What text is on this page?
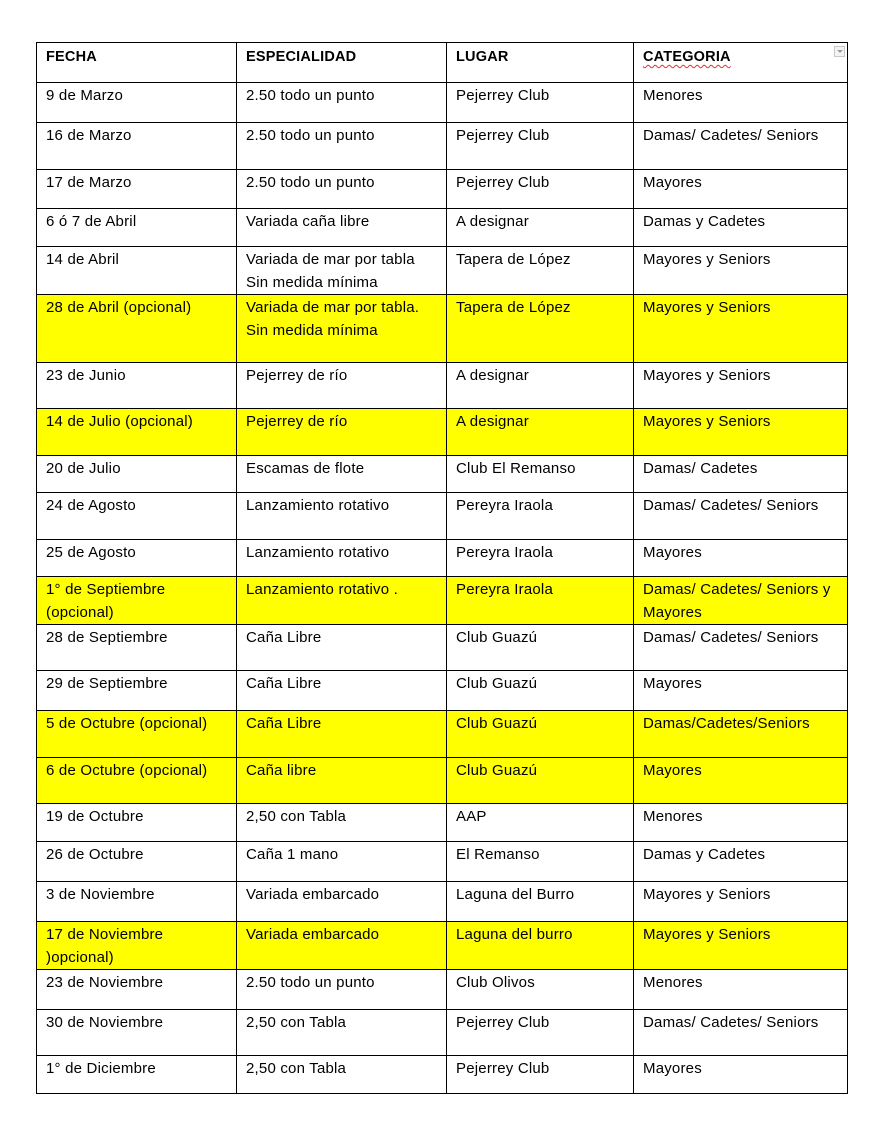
FECHA	ESPECIALIDAD	LUGAR	CATEGORIA

9 de Marzo	2.50 todo un punto	Pejerrey Club	Menores
16 de Marzo	2.50 todo un punto	Pejerrey Club	Damas/ Cadetes/ Seniors
17 de Marzo	2.50 todo un punto	Pejerrey Club	Mayores
6 ó 7 de Abril	Variada caña libre	A designar	Damas y Cadetes
14 de Abril	Variada de mar por tabla Sin medida mínima	Tapera de López	Mayores y Seniors
28 de Abril (opcional)	Variada de mar por tabla. Sin medida mínima	Tapera de López	Mayores y Seniors
23 de Junio	Pejerrey de río	A designar	Mayores y Seniors
14 de Julio (opcional)	Pejerrey de río	A designar	Mayores y Seniors
20 de Julio	Escamas de flote	Club El Remanso	Damas/ Cadetes
24 de Agosto	Lanzamiento rotativo	Pereyra Iraola	Damas/ Cadetes/ Seniors
25 de Agosto	Lanzamiento rotativo	Pereyra Iraola	Mayores
1° de Septiembre (opcional)	Lanzamiento rotativo .	Pereyra Iraola	Damas/ Cadetes/ Seniors y Mayores
28 de Septiembre	Caña Libre	Club Guazú	Damas/ Cadetes/ Seniors
29 de Septiembre	Caña Libre	Club Guazú	Mayores
5 de Octubre (opcional)	Caña Libre	Club Guazú	Damas/Cadetes/Seniors
6 de Octubre (opcional)	Caña libre	Club Guazú	Mayores
19 de Octubre	2,50 con Tabla	AAP	Menores
26 de Octubre	Caña 1 mano	El Remanso	Damas y Cadetes
3 de Noviembre	Variada embarcado	Laguna del Burro	Mayores y Seniors
17 de Noviembre )opcional)	Variada embarcado	Laguna del burro	Mayores y Seniors
23 de Noviembre	2.50 todo un punto	Club Olivos	Menores
30 de Noviembre	2,50 con Tabla	Pejerrey Club	Damas/ Cadetes/ Seniors
1° de Diciembre	2,50 con Tabla	Pejerrey Club	Mayores
